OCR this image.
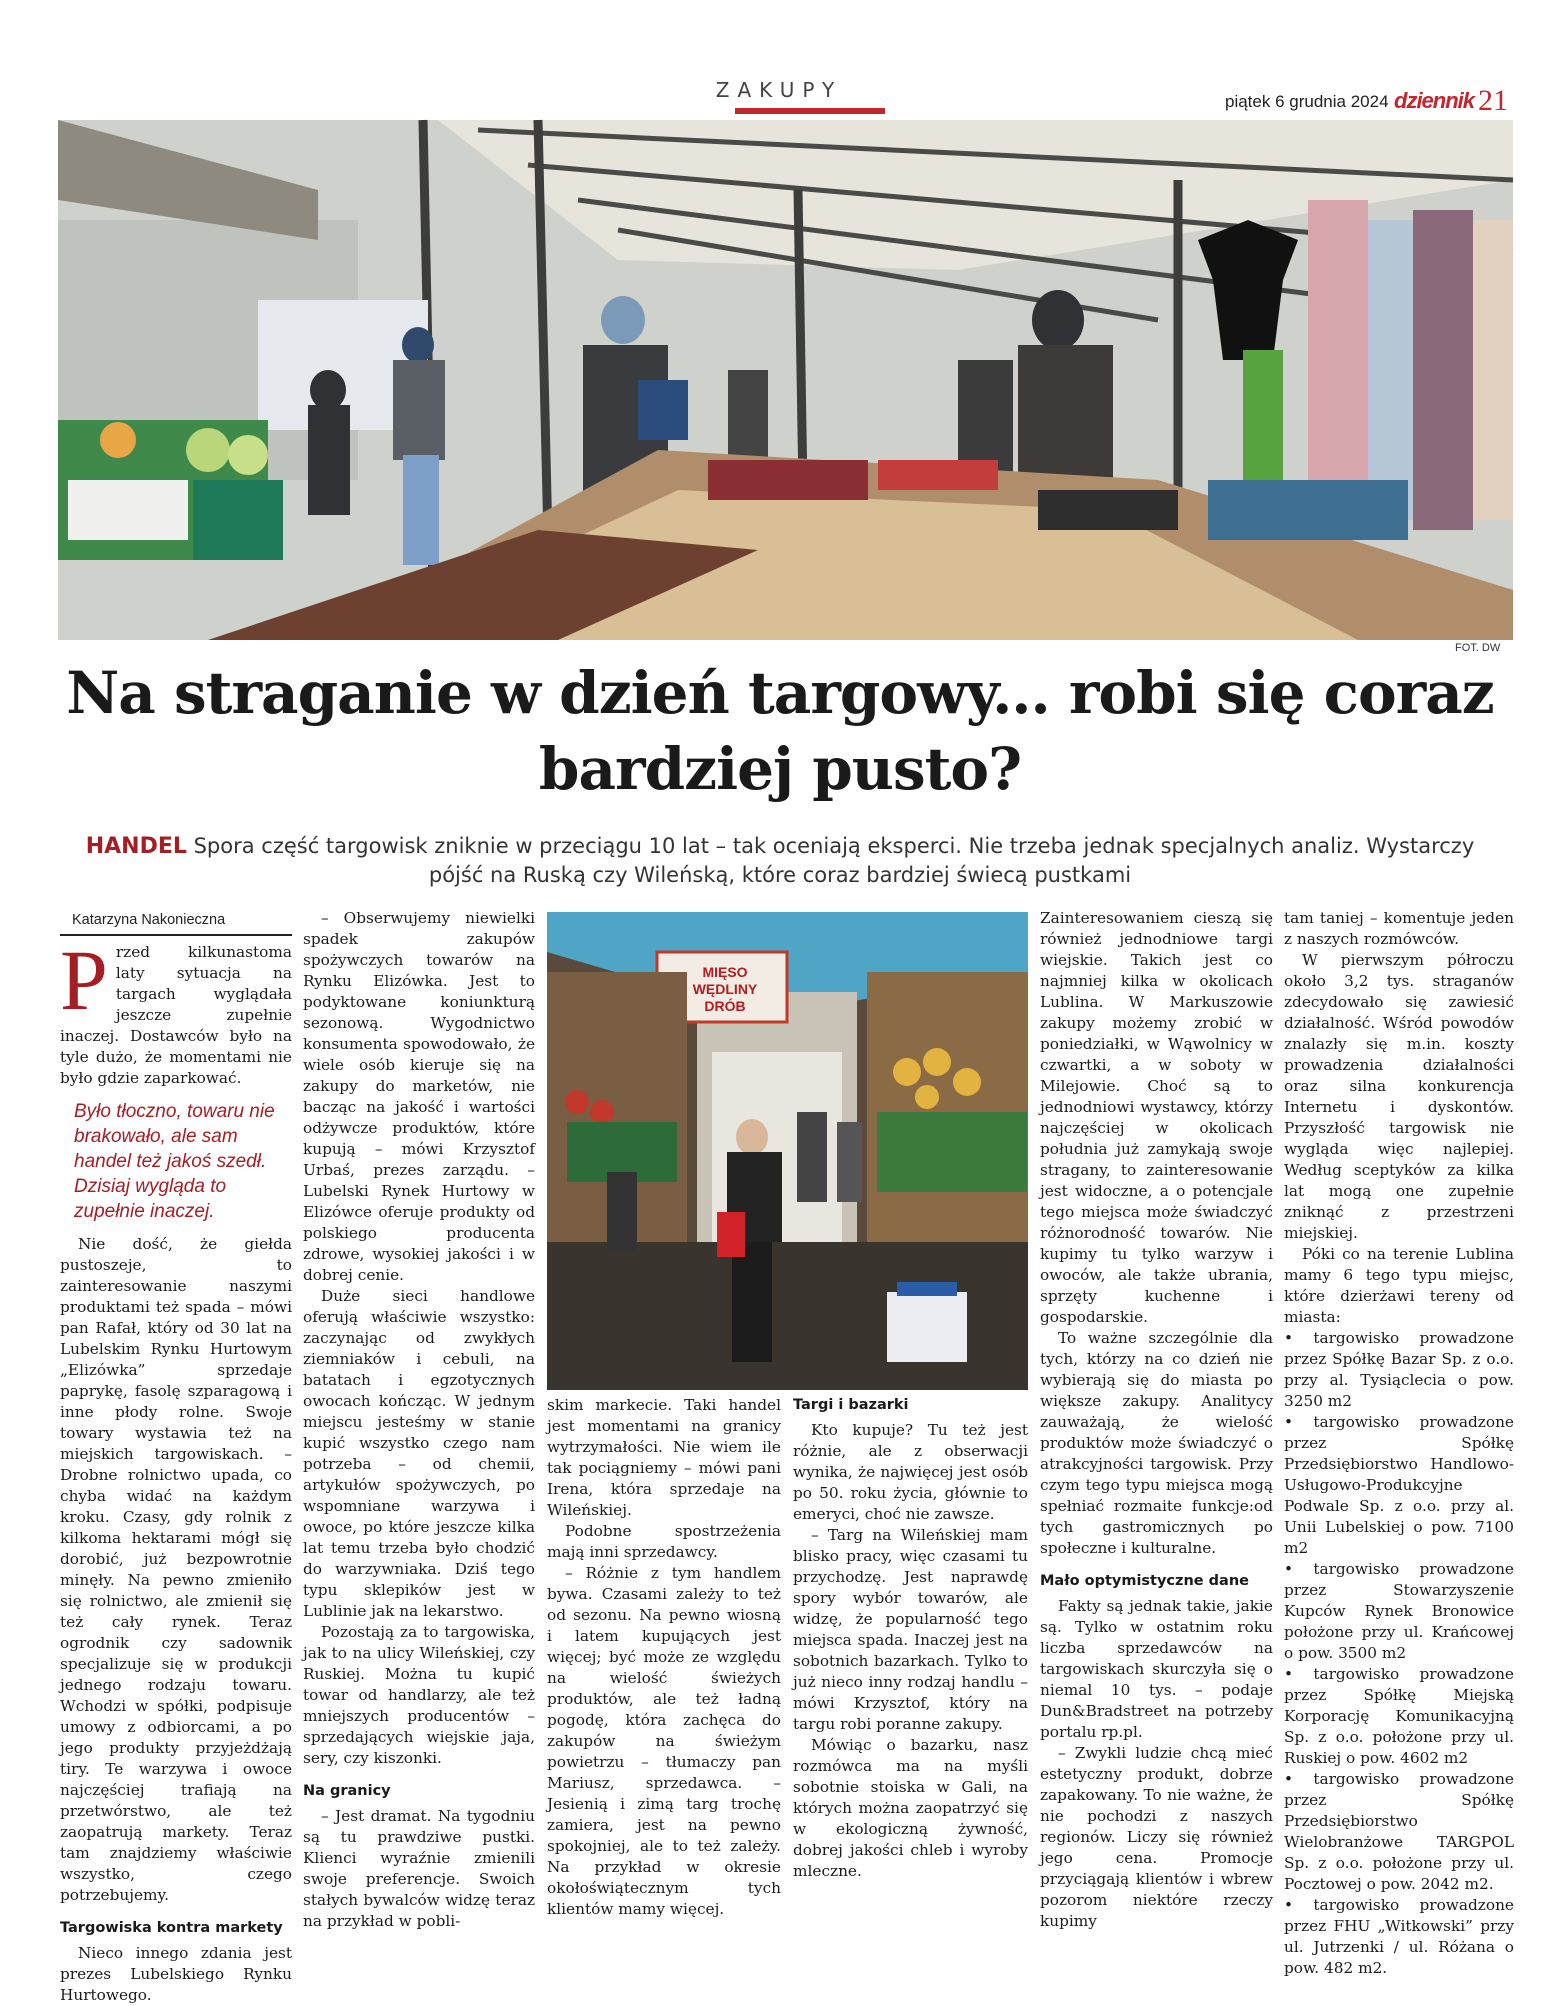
ZAKUPY	piątek 6 grudnia 2024 dziennik 21
FOT. DW
Na straganie w dzień targowy... robi się coraz bardziej pusto?
HANDEL Spora część targowisk zniknie w przeciągu 10 lat – tak oceniają eksperci. Nie trzeba jednak specjalnych analiz. Wystarczy pójść na Ruską czy Wileńską, które coraz bardziej świecą pustkami
Katarzyna Nakonieczna

Przed kilkunastoma laty sytuacja na targach wyglądała jeszcze zupełnie inaczej. Dostawców było na tyle dużo, że momentami nie było gdzie zaparkować.

„
Było tłoczno, towaru nie brakowało, ale sam handel też jakoś szedł. Dzisiaj wygląda to zupełnie inaczej.

Nie dość, że giełda pustoszeje, to zainteresowanie naszymi produktami też spada – mówi pan Rafał, który od 30 lat na Lubelskim Rynku Hurtowym „Elizówka” sprzedaje paprykę, fasolę szparagową i inne płody rolne. Swoje towary wystawia też na miejskich targowiskach. – Drobne rolnictwo upada, co chyba widać na każdym kroku. Czasy, gdy rolnik z kilkoma hektarami mógł się dorobić, już bezpowrotnie minęły. Na pewno zmieniło się rolnictwo, ale zmienił się też cały rynek. Teraz ogrodnik czy sadownik specjalizuje się w produkcji jednego rodzaju towaru. Wchodzi w spółki, podpisuje umowy z odbiorcami, a po jego produkty przyjeżdżają tiry. Te warzywa i owoce najczęściej trafiają na przetwórstwo, ale też zaopatrują markety. Teraz tam znajdziemy właściwie wszystko, czego potrzebujemy.

Targowiska kontra markety

Nieco innego zdania jest prezes Lubelskiego Rynku Hurtowego.

– Obserwujemy niewielki spadek zakupów spożywczych towarów na Rynku Elizówka. Jest to podyktowane koniunkturą sezonową. Wygodnictwo konsumenta spowodowało, że wiele osób kieruje się na zakupy do marketów, nie bacząc na jakość i wartości odżywcze produktów, które kupują – mówi Krzysztof Urbaś, prezes zarządu. – Lubelski Rynek Hurtowy w Elizówce oferuje produkty od polskiego producenta zdrowe, wysokiej jakości i w dobrej cenie.

Duże sieci handlowe oferują właściwie wszystko: zaczynając od zwykłych ziemniaków i cebuli, na batatach i egzotycznych owocach kończąc. W jednym miejscu jesteśmy w stanie kupić wszystko czego nam potrzeba – od chemii, artykułów spożywczych, po wspomniane warzywa i owoce, po które jeszcze kilka lat temu trzeba było chodzić do warzywniaka. Dziś tego typu sklepików jest w Lublinie jak na lekarstwo.

Pozostają za to targowiska, jak to na ulicy Wileńskiej, czy Ruskiej. Można tu kupić towar od handlarzy, ale też mniejszych producentów – sprzedających wiejskie jaja, sery, czy kiszonki.

Na granicy

– Jest dramat. Na tygodniu są tu prawdziwe pustki. Klienci wyraźnie zmienili swoje preferencje. Swoich stałych bywalców widzę teraz na przykład w pobli-

MIĘSO
WĘDLINY
DRÓB

skim markecie. Taki handel jest momentami na granicy wytrzymałości. Nie wiem ile tak pociągniemy – mówi pani Irena, która sprzedaje na Wileńskiej.

Podobne spostrzeżenia mają inni sprzedawcy.

– Różnie z tym handlem bywa. Czasami zależy to też od sezonu. Na pewno wiosną i latem kupujących jest więcej; być może ze względu na wielość świeżych produktów, ale też ładną pogodę, która zachęca do zakupów na świeżym powietrzu – tłumaczy pan Mariusz, sprzedawca. – Jesienią i zimą targ trochę zamiera, jest na pewno spokojniej, ale to też zależy. Na przykład w okresie okołoświątecznym tych klientów mamy więcej.

Targi i bazarki

Kto kupuje? Tu też jest różnie, ale z obserwacji wynika, że najwięcej jest osób po 50. roku życia, głównie to emeryci, choć nie zawsze.

– Targ na Wileńskiej mam blisko pracy, więc czasami tu przychodzę. Jest naprawdę spory wybór towarów, ale widzę, że popularność tego miejsca spada. Inaczej jest na sobotnich bazarkach. Tylko to już nieco inny rodzaj handlu – mówi Krzysztof, który na targu robi poranne zakupy.

Mówiąc o bazarku, nasz rozmówca ma na myśli sobotnie stoiska w Gali, na których można zaopatrzyć się w ekologiczną żywność, dobrej jakości chleb i wyroby mleczne.

Zainteresowaniem cieszą się również jednodniowe targi wiejskie. Takich jest co najmniej kilka w okolicach Lublina. W Markuszowie zakupy możemy zrobić w poniedziałki, w Wąwolnicy w czwartki, a w soboty w Milejowie. Choć są to jednodniowi wystawcy, którzy najczęściej w okolicach południa już zamykają swoje stragany, to zainteresowanie jest widoczne, a o potencjale tego miejsca może świadczyć różnorodność towarów. Nie kupimy tu tylko warzyw i owoców, ale także ubrania, sprzęty kuchenne i gospodarskie.

To ważne szczególnie dla tych, którzy na co dzień nie wybierają się do miasta po większe zakupy. Analitycy zauważają, że wielość produktów może świadczyć o atrakcyjności targowisk. Przy czym tego typu miejsca mogą spełniać rozmaite funkcje:od tych gastromicznych po społeczne i kulturalne.

Mało optymistyczne dane

Fakty są jednak takie, jakie są. Tylko w ostatnim roku liczba sprzedawców na targowiskach skurczyła się o niemal 10 tys. – podaje Dun&Bradstreet na potrzeby portalu rp.pl.

– Zwykli ludzie chcą mieć estetyczny produkt, dobrze zapakowany. To nie ważne, że nie pochodzi z naszych regionów. Liczy się również jego cena. Promocje przyciągają klientów i wbrew pozorom niektóre rzeczy kupimy

tam taniej – komentuje jeden z naszych rozmówców.

W pierwszym półroczu około 3,2 tys. straganów zdecydowało się zawiesić działalność. Wśród powodów znalazły się m.in. koszty prowadzenia działalności oraz silna konkurencja Internetu i dyskontów. Przyszłość targowisk nie wygląda więc najlepiej. Według sceptyków za kilka lat mogą one zupełnie zniknąć z przestrzeni miejskiej.

Póki co na terenie Lublina mamy 6 tego typu miejsc, które dzierżawi tereny od miasta:

• targowisko prowadzone przez Spółkę Bazar Sp. z o.o. przy al. Tysiąclecia o pow. 3250 m2
• targowisko prowadzone przez Spółkę Przedsiębiorstwo Handlowo-Usługowo-Produkcyjne Podwale Sp. z o.o. przy al. Unii Lubelskiej o pow. 7100 m2
• targowisko prowadzone przez Stowarzyszenie Kupców Rynek Bronowice położone przy ul. Krańcowej o pow. 3500 m2
• targowisko prowadzone przez Spółkę Miejską Korporację Komunikacyjną Sp. z o.o. położone przy ul. Ruskiej o pow. 4602 m2
• targowisko prowadzone przez Spółkę Przedsiębiorstwo Wielobranżowe TARGPOL Sp. z o.o. położone przy ul. Pocztowej o pow. 2042 m2.
• targowisko prowadzone przez FHU „Witkowski” przy ul. Jutrzenki / ul. Różana o pow. 482 m2.
